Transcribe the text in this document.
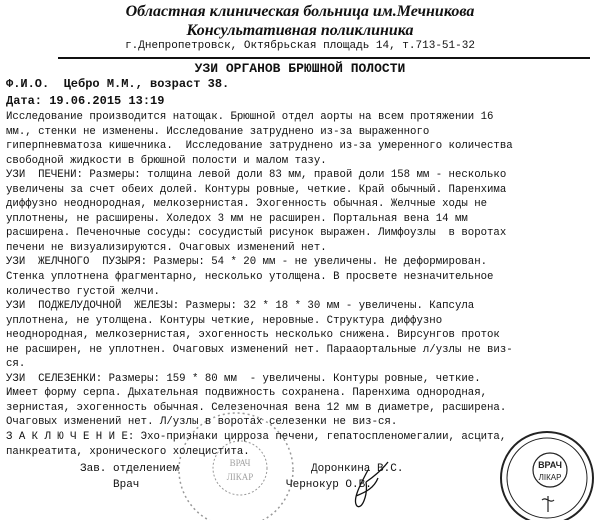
Областная клиническая больница им.Мечникова
Консультативная поликлиника
г.Днепропетровск, Октябрьская площадь 14, т.713-51-32
УЗИ ОРГАНОВ БРЮШНОЙ ПОЛОСТИ
Ф.И.О.  Цебро М.М., возраст 38.
Дата: 19.06.2015 13:19
Исследование производится натощак. Брюшной отдел аорты на всем протяжении 16
мм., стенки не изменены. Исследование затруднено из-за выраженного
гиперпневматоза кишечника.  Исследование затруднено из-за умеренного количества
свободной жидкости в брюшной полости и малом тазу.
УЗИ  ПЕЧЕНИ: Размеры: толщина левой доли 83 мм, правой доли 158 мм - несколько
увеличены за счет обеих долей. Контуры ровные, четкие. Край обычный. Паренхима
диффузно неоднородная, мелкозернистая. Эхогенность обычная. Желчные ходы не
уплотнены, не расширены. Холедох 3 мм не расширен. Портальная вена 14 мм
расширена. Печеночные сосуды: сосудистый рисунок выражен. Лимфоузлы  в воротах
печени не визуализируются. Очаговых изменений нет.
УЗИ  ЖЕЛЧНОГО  ПУЗЫРЯ: Размеры: 54 * 20 мм - не увеличены. Не деформирован.
Стенка уплотнена фрагментарно, несколько утолщена. В просвете незначительное
количество густой желчи.
УЗИ  ПОДЖЕЛУДОЧНОЙ  ЖЕЛЕЗЫ: Размеры: 32 * 18 * 30 мм - увеличены. Капсула
уплотнена, не утолщена. Контуры четкие, неровные. Структура диффузно
неоднородная, мелкозернистая, эхогенность несколько снижена. Вирсунгов проток
не расширен, не уплотнен. Очаговых изменений нет. Парааортальные л/узлы не виз-
ся.
УЗИ  СЕЛЕЗЕНКИ: Размеры: 159 * 80 мм  - увеличены. Контуры ровные, четкие.
Имеет форму серпа. Дыхательная подвижность сохранена. Паренхима однородная,
зернистая, эхогенность обычная. Селезеночная вена 12 мм в диаметре, расширена.
Очаговых изменений нет. Л/узлы в воротах селезенки не виз-ся.
З А К Л Ю Ч Е Н И Е: Эхо-признаки цирроза печени, гепатоспленомегалии, асцита,
панкреатита, хронического холецистита.
Зав. отделением	Доронкина В.С.
Врач	Чернокур О.В.
ВРАЧ
ЛІКАР
ВРАЧ
ЛІКАР
